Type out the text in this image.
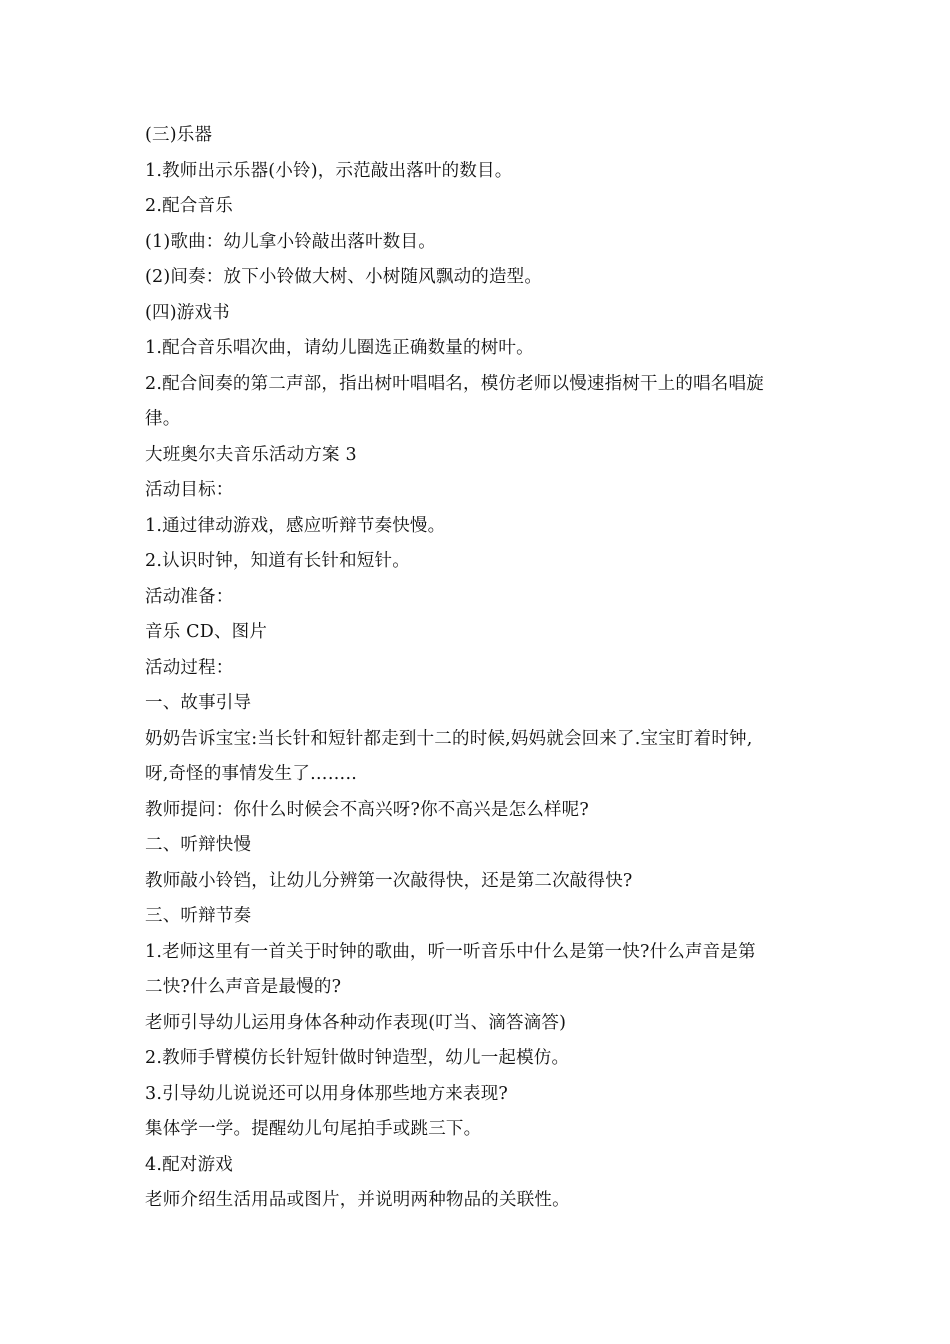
(三)乐器
1.教师出示乐器(小铃)，示范敲出落叶的数目。
2.配合音乐
(1)歌曲：幼儿拿小铃敲出落叶数目。
(2)间奏：放下小铃做大树、小树随风飘动的造型。
(四)游戏书
1.配合音乐唱次曲，请幼儿圈选正确数量的树叶。
2.配合间奏的第二声部，指出树叶唱唱名，模仿老师以慢速指树干上的唱名唱旋
律。
大班奥尔夫音乐活动方案 3
活动目标：
1.通过律动游戏，感应听辩节奏快慢。
2.认识时钟，知道有长针和短针。
活动准备：
音乐 CD、图片
活动过程：
一、故事引导
奶奶告诉宝宝:当长针和短针都走到十二的时候,妈妈就会回来了.宝宝盯着时钟,
呀,奇怪的事情发生了……..
教师提问：你什么时候会不高兴呀?你不高兴是怎么样呢?
二、听辩快慢
教师敲小铃铛，让幼儿分辨第一次敲得快，还是第二次敲得快?
三、听辩节奏
1.老师这里有一首关于时钟的歌曲，听一听音乐中什么是第一快?什么声音是第
二快?什么声音是最慢的?
老师引导幼儿运用身体各种动作表现(叮当、滴答滴答)
2.教师手臂模仿长针短针做时钟造型，幼儿一起模仿。
3.引导幼儿说说还可以用身体那些地方来表现?
集体学一学。提醒幼儿句尾拍手或跳三下。
4.配对游戏
老师介绍生活用品或图片，并说明两种物品的关联性。
